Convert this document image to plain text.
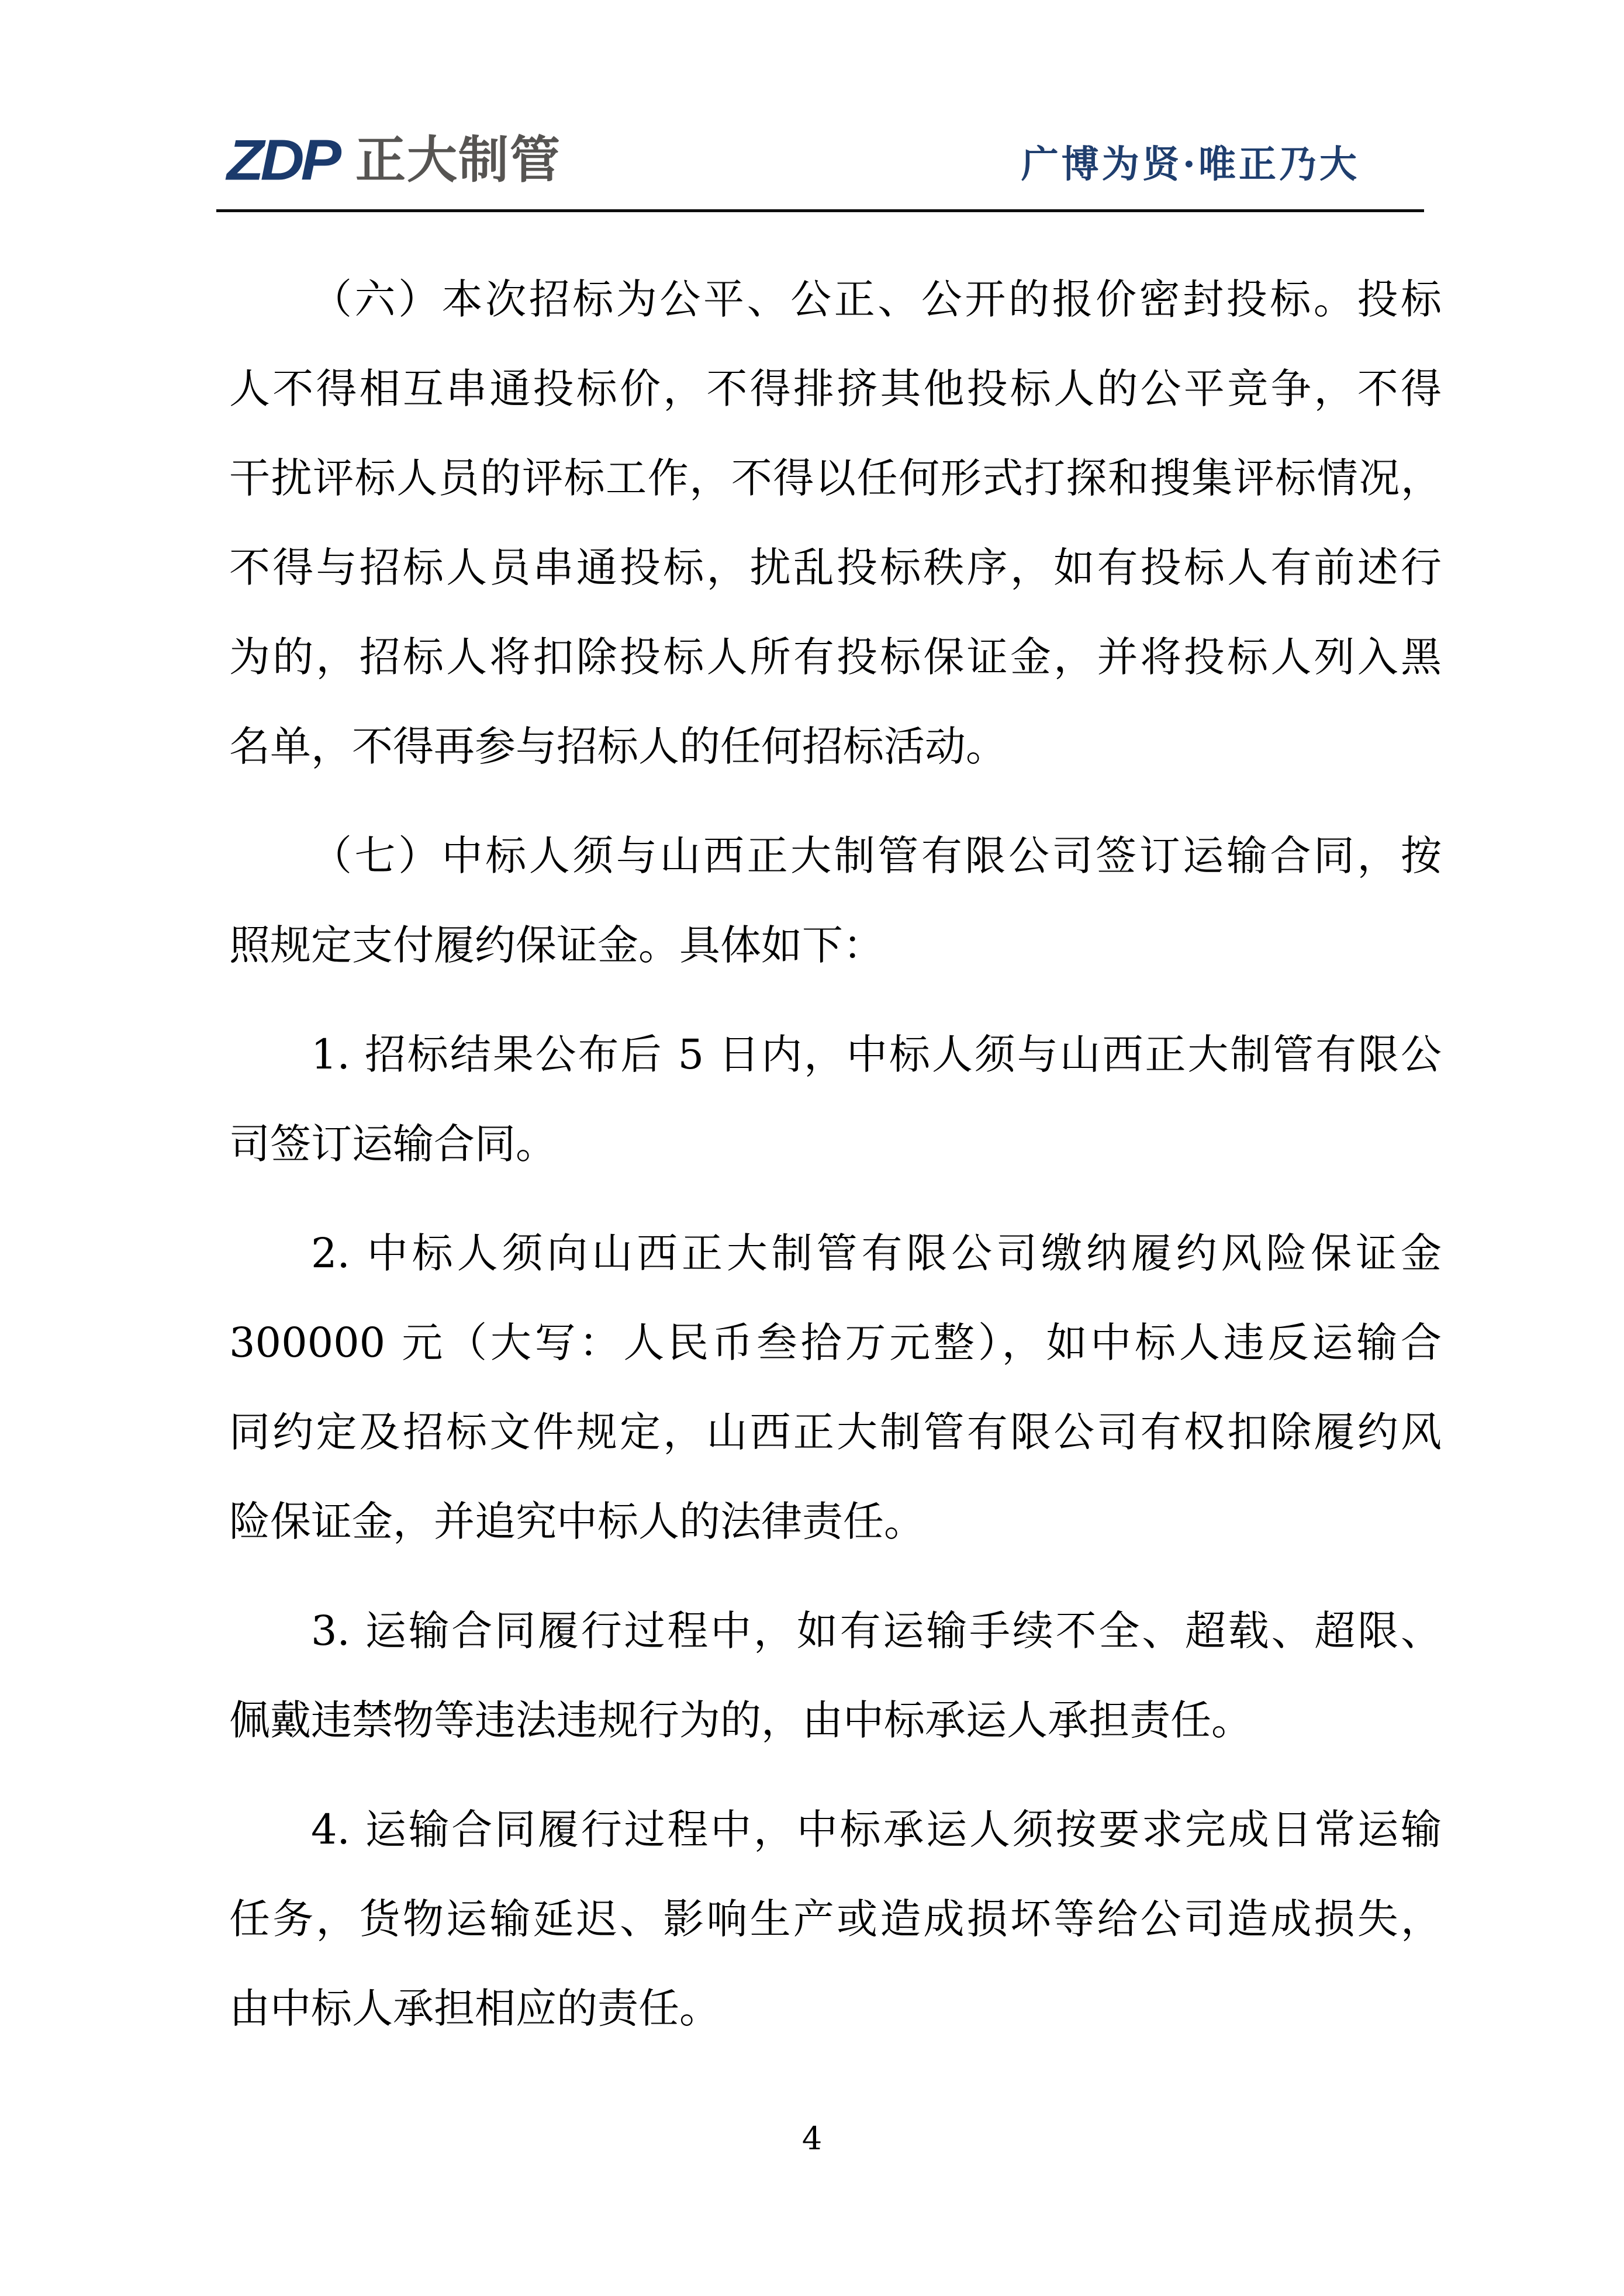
ZDP 正大制管	广博为贤·唯正乃大
（六）本次招标为公平、公正、公开的报价密封投标。投标
人不得相互串通投标价，不得排挤其他投标人的公平竞争，不得
干扰评标人员的评标工作，不得以任何形式打探和搜集评标情况，
不得与招标人员串通投标，扰乱投标秩序，如有投标人有前述行
为的，招标人将扣除投标人所有投标保证金，并将投标人列入黑
名单，不得再参与招标人的任何招标活动。
（七）中标人须与山西正大制管有限公司签订运输合同，按
照规定支付履约保证金。具体如下：
1. 招标结果公布后 5 日内，中标人须与山西正大制管有限公
司签订运输合同。
2. 中标人须向山西正大制管有限公司缴纳履约风险保证金
300000 元（大写：人民币叁拾万元整），如中标人违反运输合
同约定及招标文件规定，山西正大制管有限公司有权扣除履约风
险保证金，并追究中标人的法律责任。
3. 运输合同履行过程中，如有运输手续不全、超载、超限、
佩戴违禁物等违法违规行为的，由中标承运人承担责任。
4. 运输合同履行过程中，中标承运人须按要求完成日常运输
任务，货物运输延迟、影响生产或造成损坏等给公司造成损失，
由中标人承担相应的责任。
4
